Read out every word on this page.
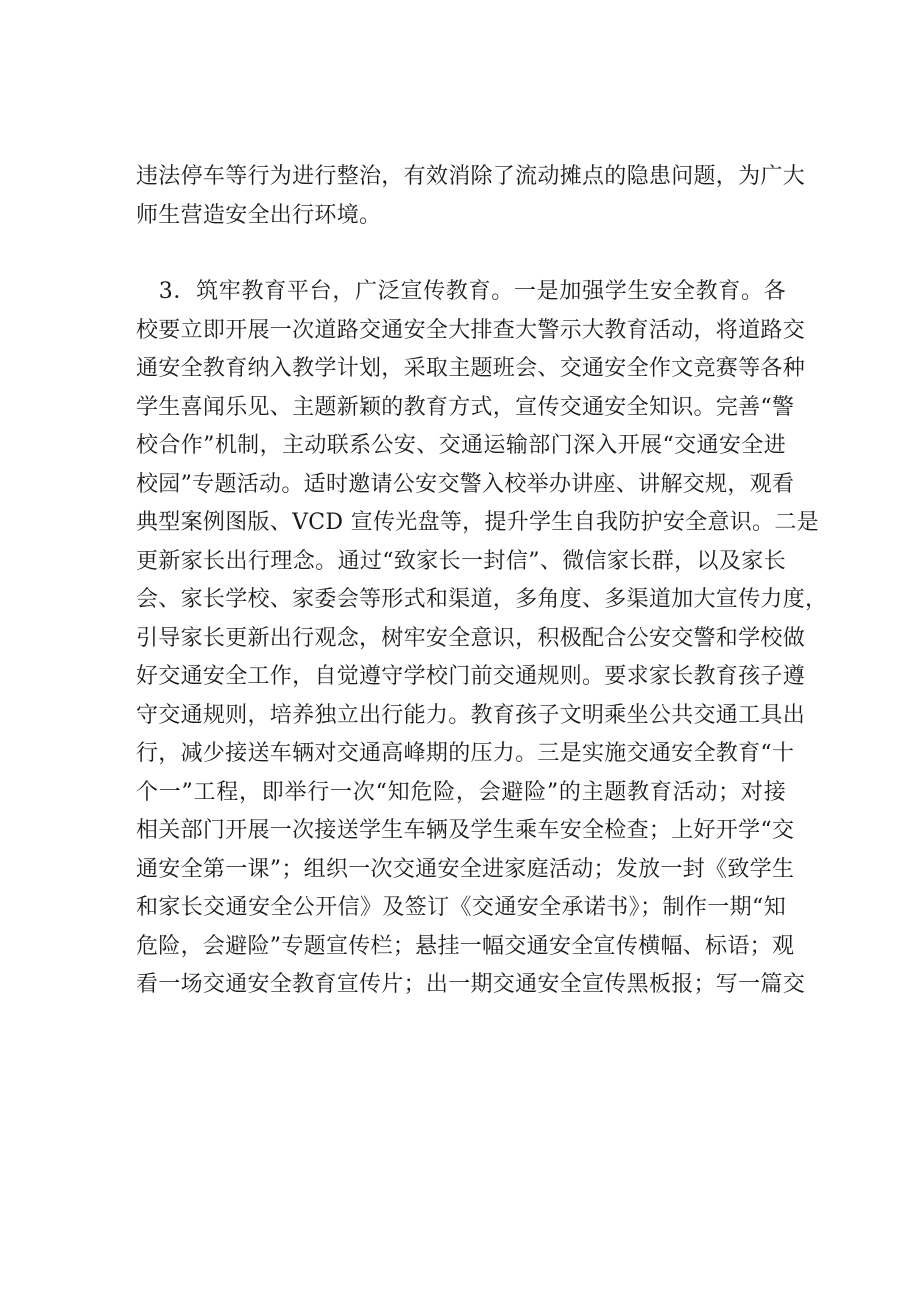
违法停车等行为进行整治，有效消除了流动摊点的隐患问题，为广大
师生营造安全出行环境。
　3．筑牢教育平台，广泛宣传教育。一是加强学生安全教育。各
校要立即开展一次道路交通安全大排查大警示大教育活动，将道路交
通安全教育纳入教学计划，采取主题班会、交通安全作文竞赛等各种
学生喜闻乐见、主题新颖的教育方式，宣传交通安全知识。完善“警
校合作”机制，主动联系公安、交通运输部门深入开展“交通安全进
校园”专题活动。适时邀请公安交警入校举办讲座、讲解交规，观看
典型案例图版、VCD 宣传光盘等，提升学生自我防护安全意识。二是
更新家长出行理念。通过“致家长一封信”、微信家长群，以及家长
会、家长学校、家委会等形式和渠道，多角度、多渠道加大宣传力度，
引导家长更新出行观念，树牢安全意识，积极配合公安交警和学校做
好交通安全工作，自觉遵守学校门前交通规则。要求家长教育孩子遵
守交通规则，培养独立出行能力。教育孩子文明乘坐公共交通工具出
行，减少接送车辆对交通高峰期的压力。三是实施交通安全教育“十
个一”工程，即举行一次“知危险，会避险”的主题教育活动；对接
相关部门开展一次接送学生车辆及学生乘车安全检查；上好开学“交
通安全第一课”；组织一次交通安全进家庭活动；发放一封《致学生
和家长交通安全公开信》及签订《交通安全承诺书》；制作一期“知
危险，会避险”专题宣传栏；悬挂一幅交通安全宣传横幅、标语；观
看一场交通安全教育宣传片；出一期交通安全宣传黑板报；写一篇交
